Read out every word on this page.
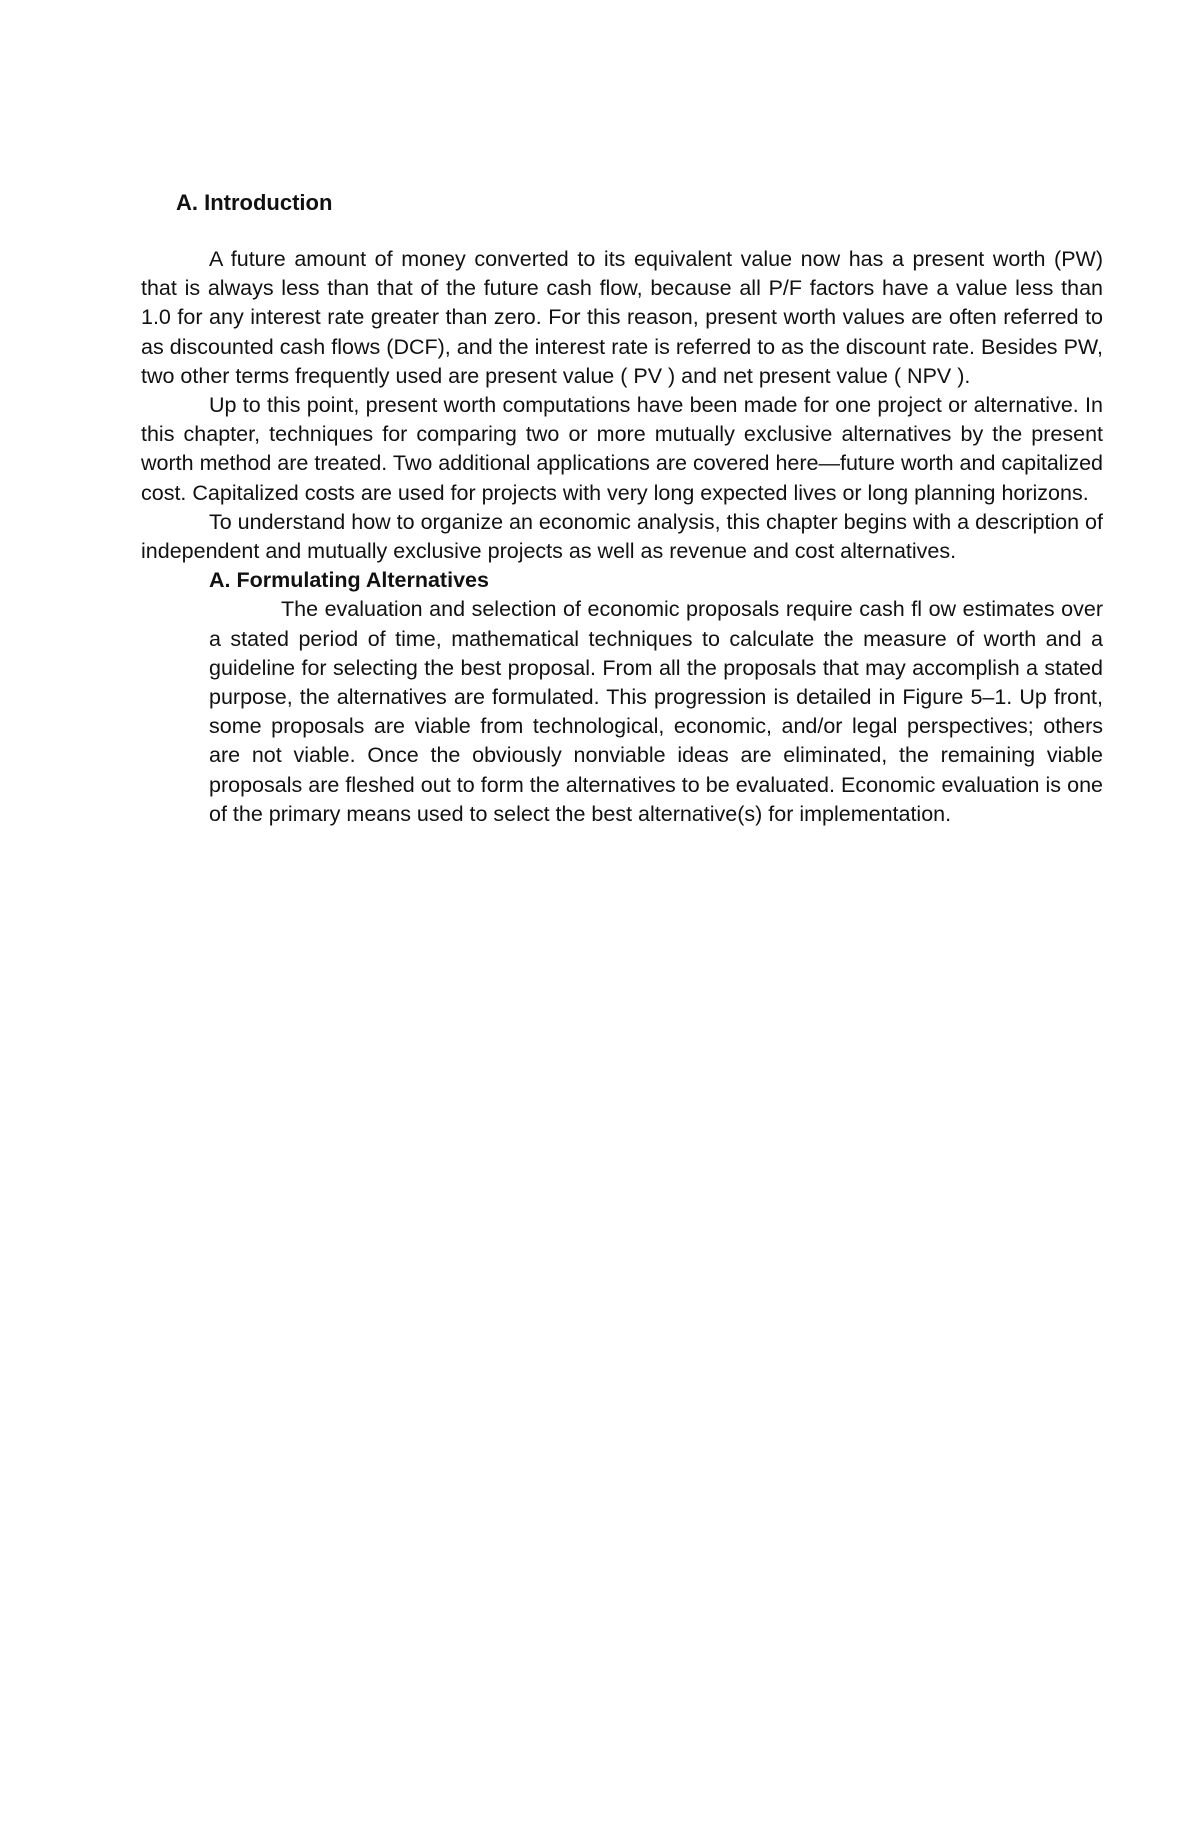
A. Introduction

A future amount of money converted to its equivalent value now has a present worth (PW) that is always less than that of the future cash flow, because all P/F factors have a value less than 1.0 for any interest rate greater than zero. For this reason, present worth values are often referred to as discounted cash flows (DCF), and the interest rate is referred to as the discount rate. Besides PW, two other terms frequently used are present value ( PV ) and net present value ( NPV ).

Up to this point, present worth computations have been made for one project or alternative. In this chapter, techniques for comparing two or more mutually exclusive alternatives by the present worth method are treated. Two additional applications are covered here—future worth and capitalized cost. Capitalized costs are used for projects with very long expected lives or long planning horizons.

To understand how to organize an economic analysis, this chapter begins with a description of independent and mutually exclusive projects as well as revenue and cost alternatives.

A. Formulating Alternatives

The evaluation and selection of economic proposals require cash fl ow estimates over a stated period of time, mathematical techniques to calculate the measure of worth and a guideline for selecting the best proposal. From all the proposals that may accomplish a stated purpose, the alternatives are formulated. This progression is detailed in Figure 5–1. Up front, some proposals are viable from technological, economic, and/or legal perspectives; others are not viable. Once the obviously nonviable ideas are eliminated, the remaining viable proposals are fleshed out to form the alternatives to be evaluated. Economic evaluation is one of the primary means used to select the best alternative(s) for implementation.
